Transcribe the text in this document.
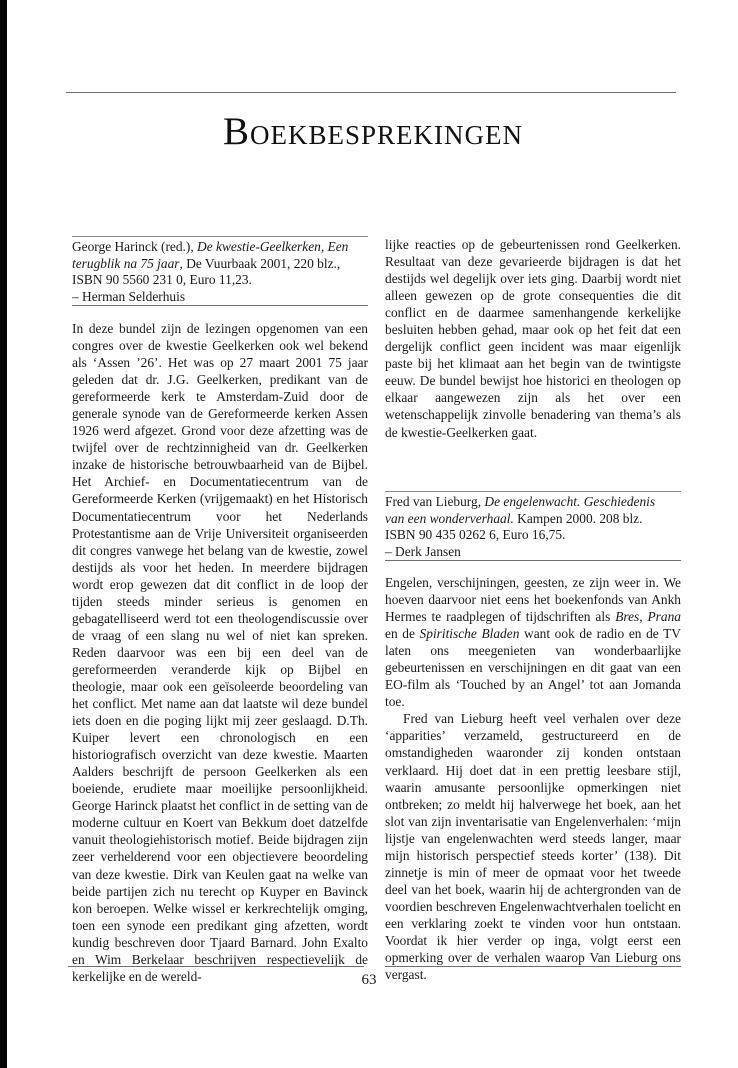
Boekbesprekingen
George Harinck (red.), De kwestie-Geelkerken, Een
terugblik na 75 jaar, De Vuurbaak 2001, 220 blz.,
ISBN 90 5560 231 0, Euro 11,23.
– Herman Selderhuis

In deze bundel zijn de lezingen opgenomen van een congres over de kwestie Geelkerken ook wel bekend als ‘Assen ’26’. Het was op 27 maart 2001 75 jaar geleden dat dr. J.G. Geelkerken, predikant van de gereformeerde kerk te Amsterdam-Zuid door de generale synode van de Gereformeerde kerken Assen 1926 werd afgezet. Grond voor deze afzetting was de twijfel over de rechtzinnigheid van dr. Geelkerken inzake de historische betrouwbaarheid van de Bijbel. Het Archief- en Documentatiecentrum van de Gereformeerde Kerken (vrijgemaakt) en het Historisch Documentatiecentrum voor het Nederlands Protestantisme aan de Vrije Universiteit organiseerden dit congres vanwege het belang van de kwestie, zowel destijds als voor het heden. In meerdere bijdragen wordt erop gewezen dat dit conflict in de loop der tijden steeds minder serieus is genomen en gebagatelliseerd werd tot een theologendiscussie over de vraag of een slang nu wel of niet kan spreken. Reden daarvoor was een bij een deel van de gereformeerden veranderde kijk op Bijbel en theologie, maar ook een geïsoleerde beoordeling van het conflict. Met name aan dat laatste wil deze bundel iets doen en die poging lijkt mij zeer geslaagd. D.Th. Kuiper levert een chronologisch en een historiografisch overzicht van deze kwestie. Maarten Aalders beschrijft de persoon Geelkerken als een boeiende, erudiete maar moeilijke persoonlijkheid. George Harinck plaatst het conflict in de setting van de moderne cultuur en Koert van Bekkum doet datzelfde vanuit theologiehistorisch motief. Beide bijdragen zijn zeer verhelderend voor een objectievere beoordeling van deze kwestie. Dirk van Keulen gaat na welke van beide partijen zich nu terecht op Kuyper en Bavinck kon beroepen. Welke wissel er kerkrechtelijk omging, toen een synode een predikant ging afzetten, wordt kundig beschreven door Tjaard Barnard. John Exalto en Wim Berkelaar beschrijven respectievelijk de kerkelijke en de wereld-

lijke reacties op de gebeurtenissen rond Geelkerken. Resultaat van deze gevarieerde bijdragen is dat het destijds wel degelijk over iets ging. Daarbij wordt niet alleen gewezen op de grote consequenties die dit conflict en de daarmee samenhangende kerkelijke besluiten hebben gehad, maar ook op het feit dat een dergelijk conflict geen incident was maar eigenlijk paste bij het klimaat aan het begin van de twintigste eeuw. De bundel bewijst hoe historici en theologen op elkaar aangewezen zijn als het over een wetenschappelijk zinvolle benadering van thema’s als de kwestie-Geelkerken gaat.

Fred van Lieburg, De engelenwacht. Geschiedenis
van een wonderverhaal. Kampen 2000. 208 blz.
ISBN 90 435 0262 6, Euro 16,75.
– Derk Jansen

Engelen, verschijningen, geesten, ze zijn weer in. We hoeven daarvoor niet eens het boekenfonds van Ankh Hermes te raadplegen of tijdschriften als Bres, Prana en de Spiritische Bladen want ook de radio en de TV laten ons meegenieten van wonderbaarlijke gebeurtenissen en verschijningen en dit gaat van een EO-film als ‘Touched by an Angel’ tot aan Jomanda toe.

Fred van Lieburg heeft veel verhalen over deze ‘apparities’ verzameld, gestructureerd en de omstandigheden waaronder zij konden ontstaan verklaard. Hij doet dat in een prettig leesbare stijl, waarin amusante persoonlijke opmerkingen niet ontbreken; zo meldt hij halverwege het boek, aan het slot van zijn inventarisatie van Engelenverhalen: ‘mijn lijstje van engelenwachten werd steeds langer, maar mijn historisch perspectief steeds korter’ (138). Dit zinnetje is min of meer de opmaat voor het tweede deel van het boek, waarin hij de achtergronden van de voordien beschreven Engelenwachtverhalen toelicht en een verklaring zoekt te vinden voor hun ontstaan. Voordat ik hier verder op inga, volgt eerst een opmerking over de verhalen waarop Van Lieburg ons vergast.

63
